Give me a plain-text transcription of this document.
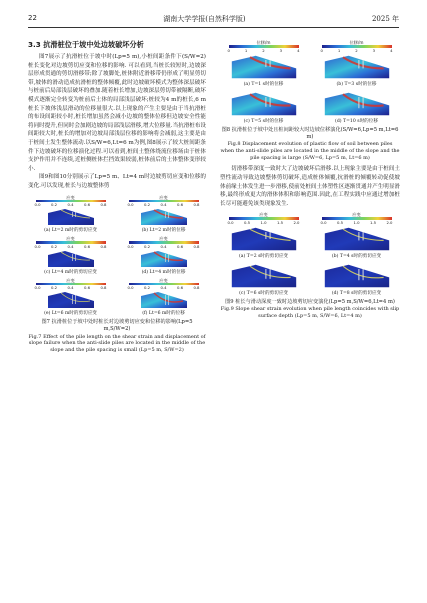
22	湖南大学学报(自然科学版)	2025 年
3.3 抗滑桩位于坡中处边坡破坏分析

图7展示了抗滑桩位于坡中时(Lp=5 m),小桩间距条件下(S/W=2)桩长变化对边坡剪切应变和位移的影响. 可以看到,当桩长较短时,边坡深层形成贯通的剪切滑移带;除了坡脚处,桩体附近滑移带仍形成了明显剪切带,坡体的滑动造成抗滑桩的整体倾覆,此时边坡破坏模式为整体深层破坏与桩前后局部浅层破坏的叠加.随着桩长增加,边坡深层剪切带被隔断,破坏模式逐渐完全转变为桩前后土体的局部浅层破坏;桩较为4 m的桩长,6 m桩长下坡体浅层滑动的位移量很大.以上现象的产生主要是由于当抗滑桩的布设间距较小时,桩长增加虽然会减小边坡的整体位移但边坡安全性能将同时提升,但同时会加剧边坡的局部浅层滑移,增大位移量.当抗滑桩布设间距较大时,桩长的增加对边坡局部浅层位移的影响将会减弱,这主要是由于桩间土发生整体流动.以S/W=6,Lt=6 m为例,图8展示了较大桩间距条件下边坡破坏的位移演化过程.可以看到,桩间土整体绕流位移场由于桩体支护作用并不连续,近桩侧桩体拦挡效果较弱,桩体前后的土体整体变形较小.

图9和图10分别展示了Lp=5 m、Lt=4 m时边坡剪切应变和位移的变化.可以发现,桩长与边坡整体剪

应变
0.0	0.2	0.4	0.6	0.8
(a) Lt=2 m时的剪切应变
应变
0.0	0.2	0.4	0.6	0.8
(b) Lt=2 m时的位移
应变
0.0	0.2	0.4	0.6	0.8
(c) Lt=4 m时的剪切应变
应变
0.0	0.2	0.4	0.6	0.8
(d) Lt=4 m时的位移
应变
0.0	0.2	0.4	0.6	0.8
(e) Lt=6 m时的剪切应变
应变
0.0	0.2	0.4	0.6	0.8
(f) Lt=6 m时的位移
图7 抗滑桩位于坡中处时桩长对边坡剪切应变和位移的影响(Lp=5 m,S/W=2)
Fig.7 Effect of the pile length on the shear strain and displacement of slope failure when the anti-slide piles are located in the middle of the slope and the pile spacing is small (Lp=5 m, S/W=2)
位移/m
0	1	2	3	4
(a) T=1 s时的位移
位移/m
0	1	2	3	4
(b) T=3 s时的位移
(c) T=5 s时的位移	(d) T=10 s时的位移
图8 抗滑桩位于坡中处且桩间距较大时边坡位移演化(S/W=6,Lp=5 m,Lt=6 m)
Fig.8 Displacement evolution of plastic flow of soil between piles when the anti-slide piles are located in the middle of the slope and the pile spacing is large (S/W=6, Lp=5 m, Lt=6 m)

切滑移带深度一致时大了边坡破坏后滑移.以上现象主要是由于桩间土塑性流动导致边坡整体剪切破坏,造成桩体倾覆,抗滑桩的倾覆转动促使坡体前缘土体发生进一步滑移,使前处桩间土体塑性区逐渐贯通并产生明显滑移,最终形成更大的滑体体积和影响范围.因此,在工程实践中应通过增加桩长尽可能避免该类现象发生.

应变
0.0	0.5	1.0	1.5	2.0
(a) T=2 s时的剪切应变
应变
0.0	0.5	1.0	1.5	2.0
(b) T=4 s时的剪切应变
(c) T=6 s时的剪切应变	(d) T=8 s时的剪切应变
图9 桩长与滑动深度一致时边坡剪切应变演化(Lp=5 m,S/W=6,Lt=4 m)
Fig.9 Slope shear strain evolution when pile length coincides with slip surface depth (Lp=5 m, S/W=6, Lt=4 m)
